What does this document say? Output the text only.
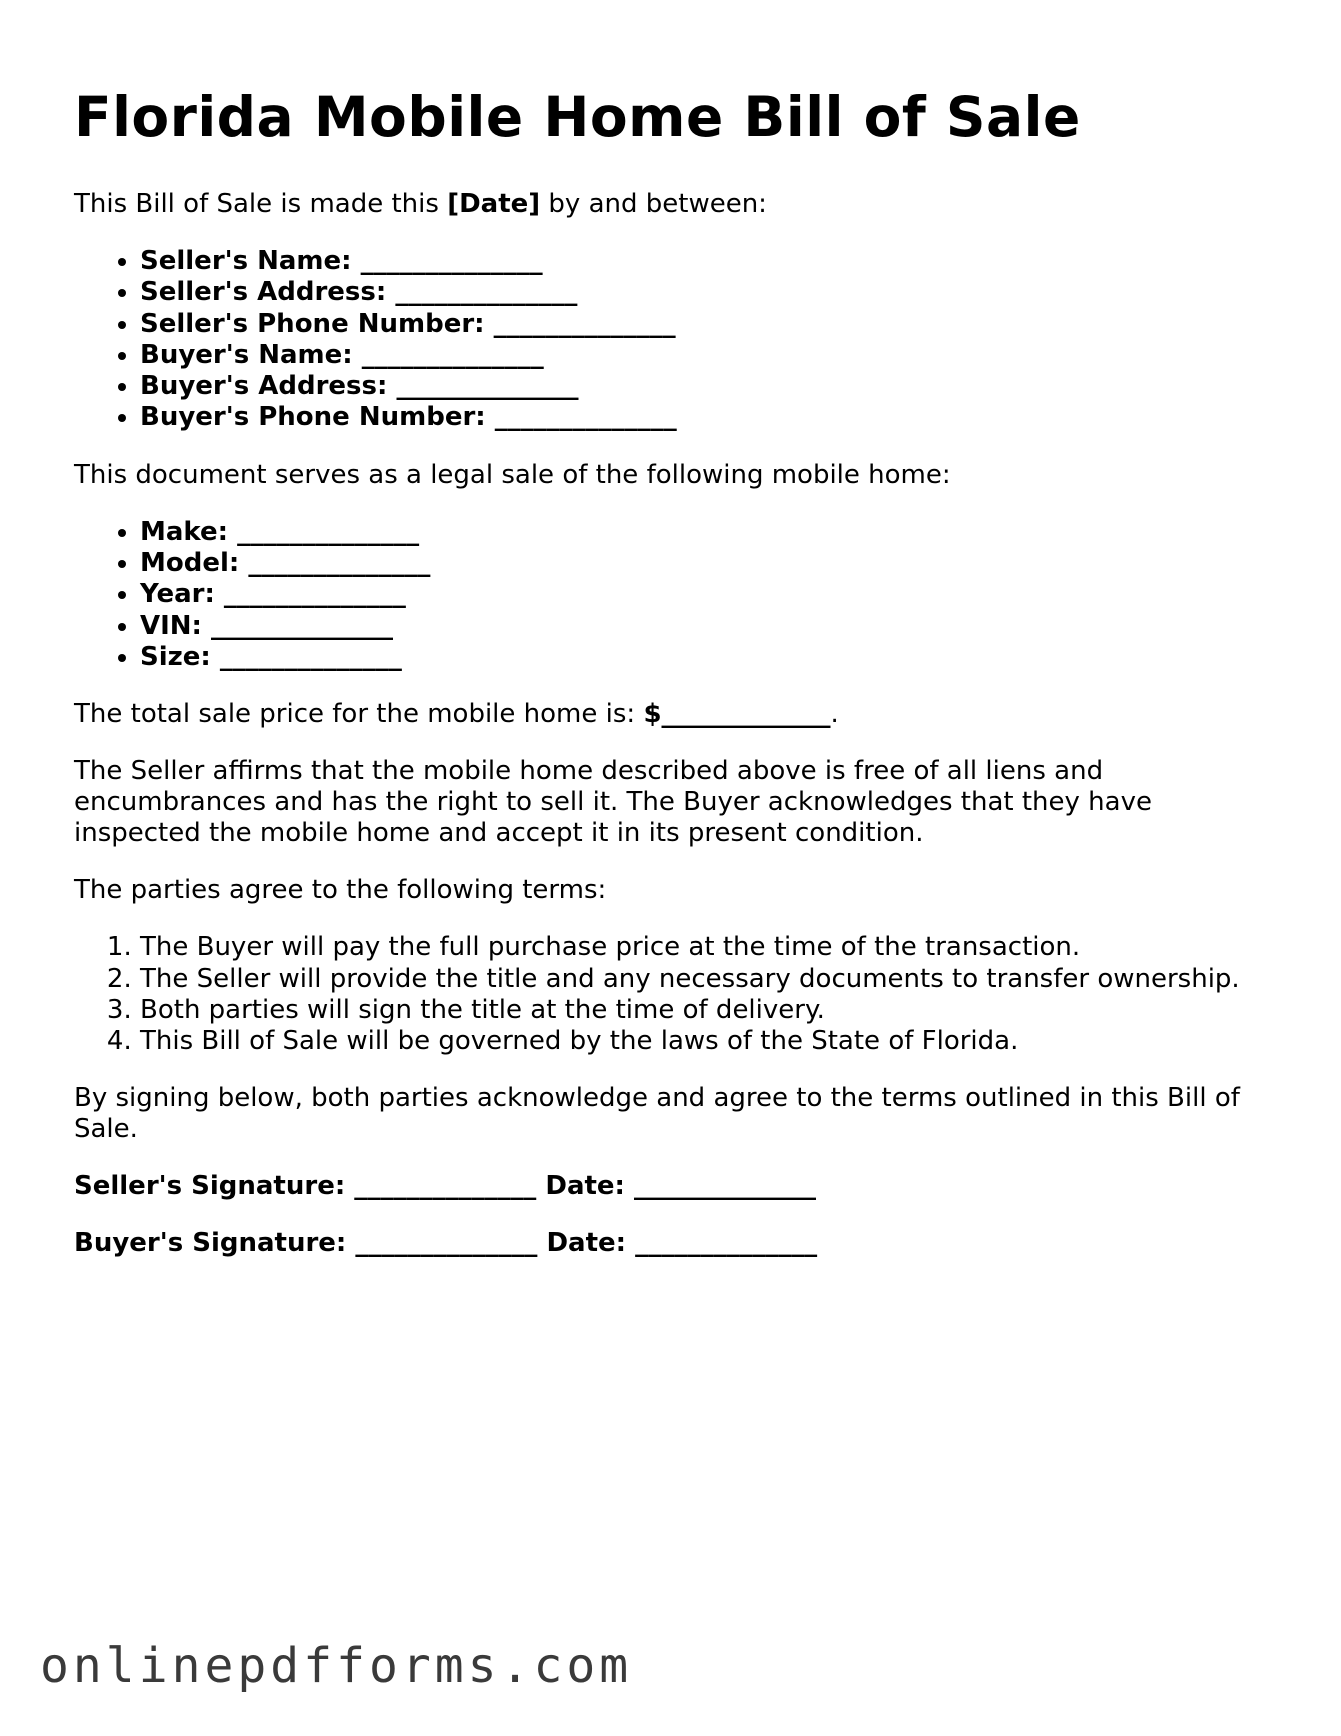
Florida Mobile Home Bill of Sale

This Bill of Sale is made this [Date] by and between:

• Seller's Name: ______________
• Seller's Address: ______________
• Seller's Phone Number: ______________
• Buyer's Name: ______________
• Buyer's Address: ______________
• Buyer's Phone Number: ______________

This document serves as a legal sale of the following mobile home:

• Make: ______________
• Model: ______________
• Year: ______________
• VIN: ______________
• Size: ______________

The total sale price for the mobile home is: $_____________.

The Seller affirms that the mobile home described above is free of all liens and encumbrances and has the right to sell it. The Buyer acknowledges that they have inspected the mobile home and accept it in its present condition.

The parties agree to the following terms:

1. The Buyer will pay the full purchase price at the time of the transaction.
2. The Seller will provide the title and any necessary documents to transfer ownership.
3. Both parties will sign the title at the time of delivery.
4. This Bill of Sale will be governed by the laws of the State of Florida.

By signing below, both parties acknowledge and agree to the terms outlined in this Bill of Sale.

Seller's Signature: ______________ Date: ______________
Buyer's Signature: ______________ Date: ______________
onlinepdfforms.com
